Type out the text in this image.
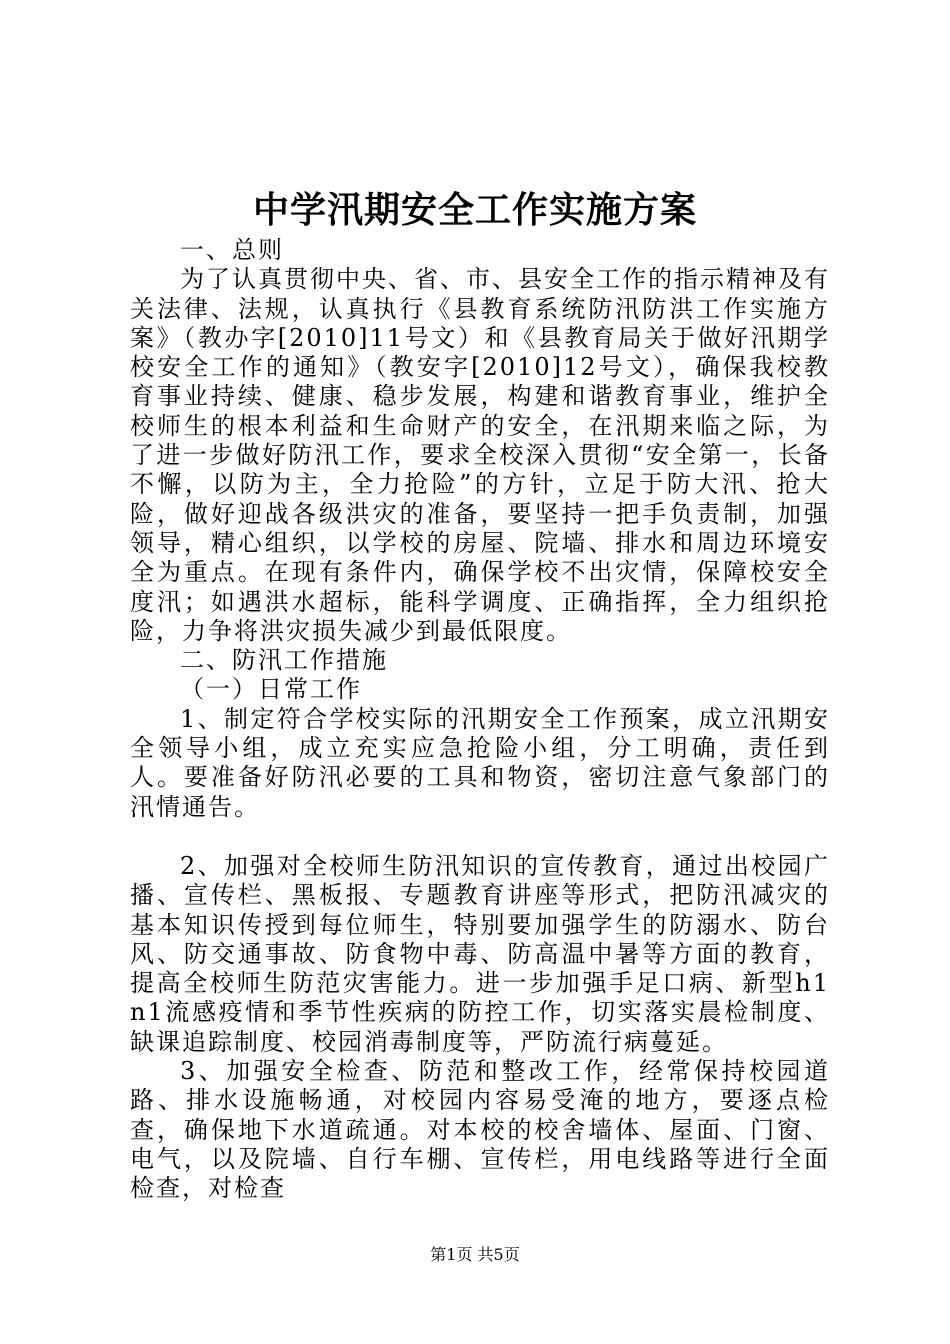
中学汛期安全工作实施方案

一、总则

为了认真贯彻中央、省、市、县安全工作的指示精神及有关法律、法规，认真执行《县教育系统防汛防洪工作实施方案》（教办字[2010]11号文）和《县教育局关于做好汛期学校安全工作的通知》（教安字[2010]12号文），确保我校教育事业持续、健康、稳步发展，构建和谐教育事业，维护全校师生的根本利益和生命财产的安全，在汛期来临之际，为了进一步做好防汛工作，要求全校深入贯彻“安全第一，长备不懈，以防为主，全力抢险”的方针，立足于防大汛、抢大险，做好迎战各级洪灾的准备，要坚持一把手负责制，加强领导，精心组织，以学校的房屋、院墙、排水和周边环境安全为重点。在现有条件内，确保学校不出灾情，保障校安全度汛；如遇洪水超标，能科学调度、正确指挥，全力组织抢险，力争将洪灾损失减少到最低限度。

二、防汛工作措施

（一）日常工作

1、制定符合学校实际的汛期安全工作预案，成立汛期安全领导小组，成立充实应急抢险小组，分工明确，责任到人。要准备好防汛必要的工具和物资，密切注意气象部门的汛情通告。

2、加强对全校师生防汛知识的宣传教育，通过出校园广播、宣传栏、黑板报、专题教育讲座等形式，把防汛减灾的基本知识传授到每位师生，特别要加强学生的防溺水、防台风、防交通事故、防食物中毒、防高温中暑等方面的教育，提高全校师生防范灾害能力。进一步加强手足口病、新型h1n1流感疫情和季节性疾病的防控工作，切实落实晨检制度、缺课追踪制度、校园消毒制度等，严防流行病蔓延。

3、加强安全检查、防范和整改工作，经常保持校园道路、排水设施畅通，对校园内容易受淹的地方，要逐点检查，确保地下水道疏通。对本校的校舍墙体、屋面、门窗、电气，以及院墙、自行车棚、宣传栏，用电线路等进行全面检查，对检查

第1页 共5页
